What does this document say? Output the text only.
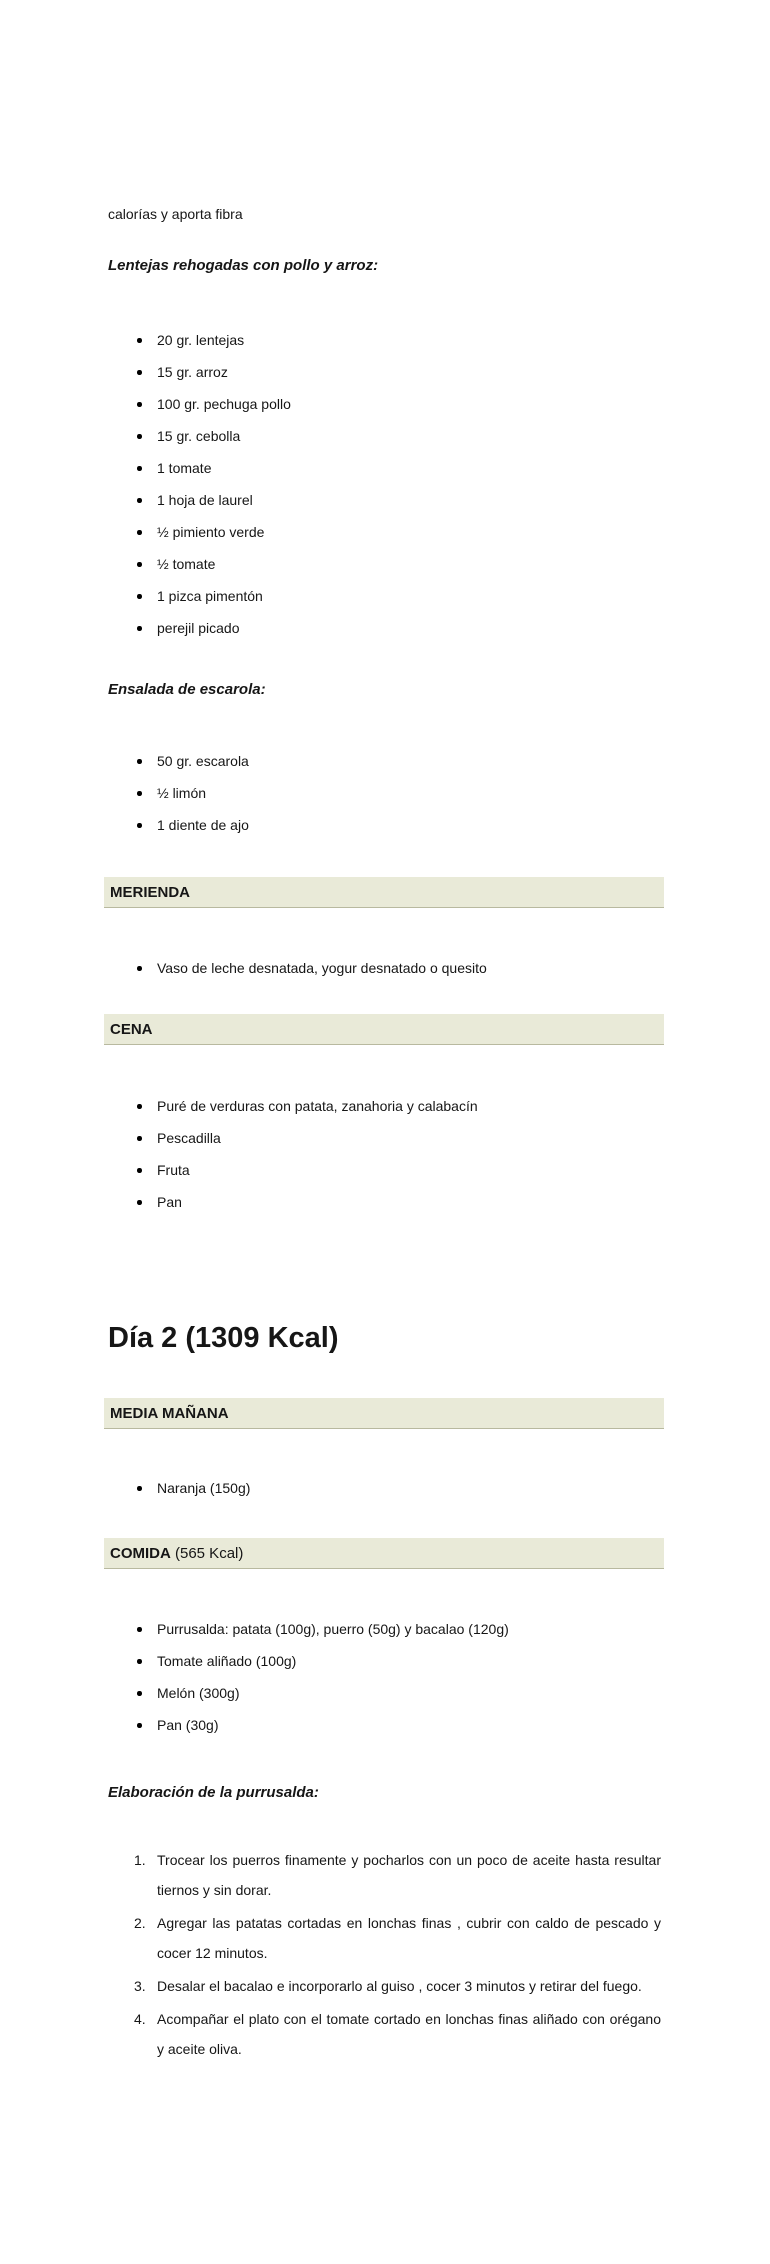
calorías y aporta fibra

Lentejas rehogadas con pollo y arroz:
20 gr. lentejas
15 gr. arroz
100 gr. pechuga pollo
15 gr. cebolla
1 tomate
1 hoja de laurel
½ pimiento verde
½ tomate
1 pizca pimentón
perejil picado
Ensalada de escarola:
50 gr. escarola
½ limón
1 diente de ajo
MERIENDA
Vaso de leche desnatada, yogur desnatado o quesito
CENA
Puré de verduras con patata, zanahoria y calabacín
Pescadilla
Fruta
Pan
Día 2 (1309 Kcal)
MEDIA MAÑANA
Naranja (150g)
COMIDA (565 Kcal)
Purrusalda: patata (100g), puerro (50g) y bacalao (120g)
Tomate aliñado (100g)
Melón (300g)
Pan (30g)
Elaboración de la purrusalda:
Trocear los puerros finamente y pocharlos con un poco de aceite hasta resultar tiernos y sin dorar.
Agregar las patatas cortadas en lonchas finas , cubrir con caldo de pescado y cocer 12 minutos.
Desalar el bacalao e incorporarlo al guiso , cocer 3 minutos y retirar del fuego.
Acompañar el plato con el tomate cortado en lonchas finas aliñado con orégano y aceite oliva.
